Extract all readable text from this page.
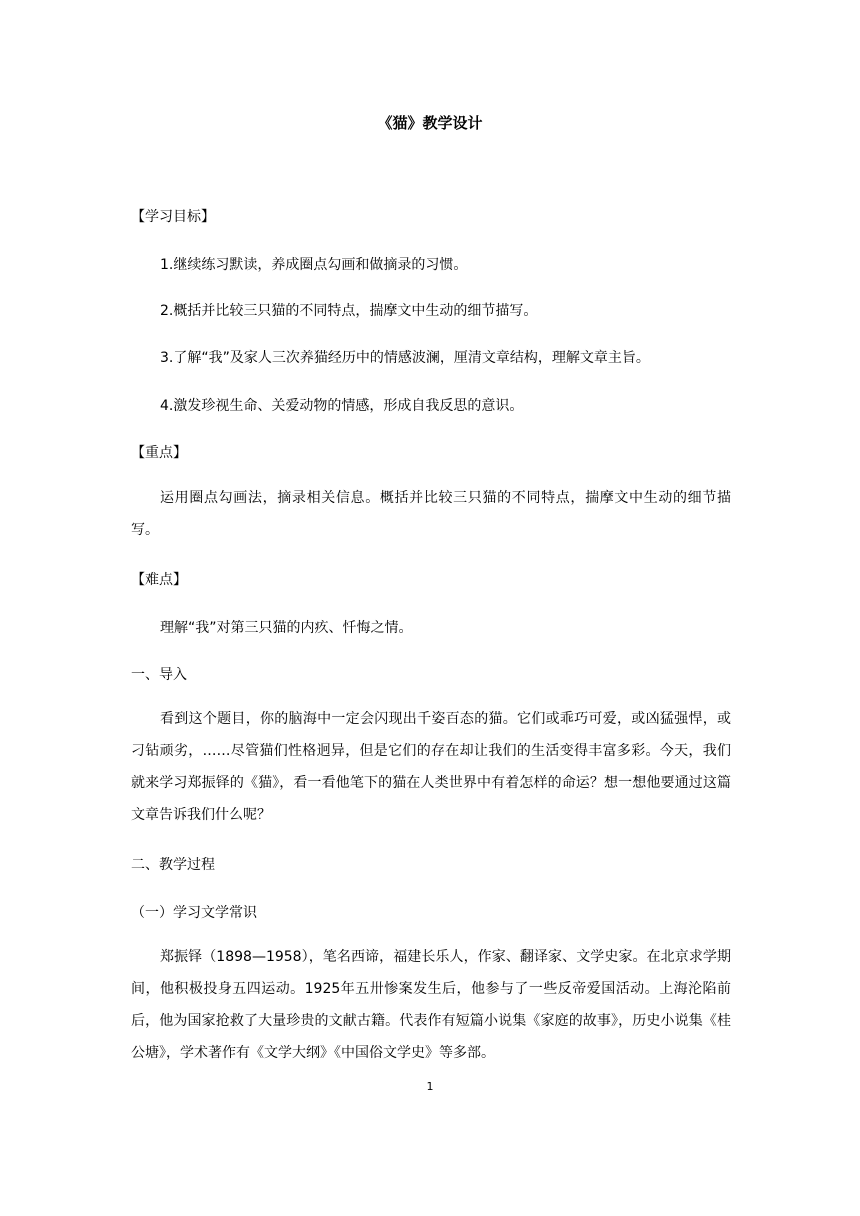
《猫》教学设计
【学习目标】
1.继续练习默读，养成圈点勾画和做摘录的习惯。
2.概括并比较三只猫的不同特点，揣摩文中生动的细节描写。
3.了解“我”及家人三次养猫经历中的情感波澜，厘清文章结构，理解文章主旨。
4.激发珍视生命、关爱动物的情感，形成自我反思的意识。
【重点】

运用圈点勾画法，摘录相关信息。概括并比较三只猫的不同特点，揣摩文中生动的细节描写。

【难点】
理解“我”对第三只猫的内疚、忏悔之情。
一、导入

看到这个题目，你的脑海中一定会闪现出千姿百态的猫。它们或乖巧可爱，或凶猛强悍，或刁钻顽劣，……尽管猫们性格迥异，但是它们的存在却让我们的生活变得丰富多彩。今天，我们就来学习郑振铎的《猫》，看一看他笔下的猫在人类世界中有着怎样的命运？想一想他要通过这篇文章告诉我们什么呢？

二、教学过程
（一）学习文学常识

郑振铎（1898—1958），笔名西谛，福建长乐人，作家、翻译家、文学史家。在北京求学期间，他积极投身五四运动。1925年五卅惨案发生后，他参与了一些反帝爱国活动。上海沦陷前后，他为国家抢救了大量珍贵的文献古籍。代表作有短篇小说集《家庭的故事》，历史小说集《桂公塘》，学术著作有《文学大纲》《中国俗文学史》等多部。

1
